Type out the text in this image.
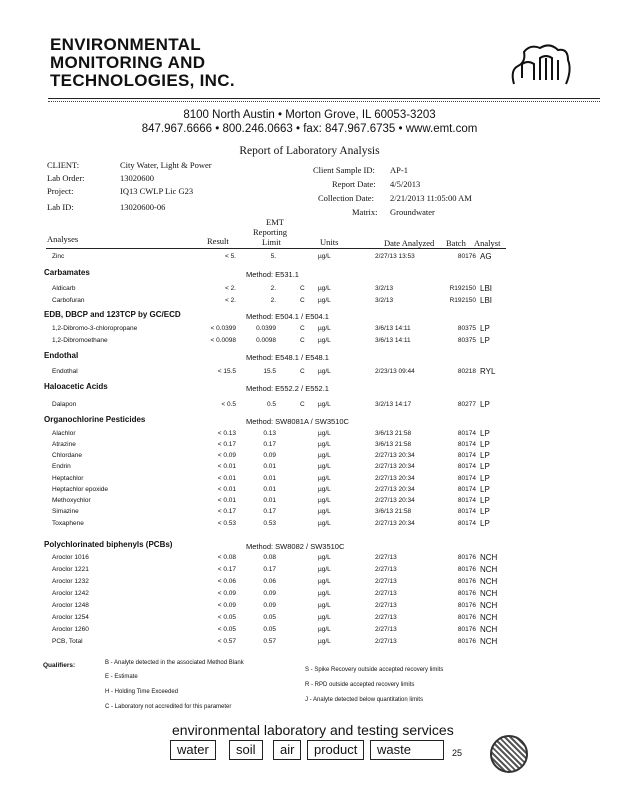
ENVIRONMENTAL
MONITORING AND
TECHNOLOGIES, INC.
8100 North Austin • Morton Grove, IL 60053-3203
847.967.6666 • 800.246.0663 • fax: 847.967.6735 • www.emt.com
Report of Laboratory Analysis
CLIENT:	City Water, Light & Power
Lab Order:	13020600
Project:	IQ13 CWLP Lic G23
Lab ID:	13020600-06
Client Sample ID: AP-1
Report Date: 4/5/2013
Collection Date: 2/21/2013 11:05:00 AM
Matrix: Groundwater
Analyses	Result
EMT
Reporting
Limit	Units	Date Analyzed Batch Analyst
Zinc	< 5.	5.	µg/L	2/27/13 13:53	80176 AG
Carbamates	Method: E531.1
Aldicarb	< 2.	2.	C	µg/L	3/2/13	R192150 LBI
Carbofuran	< 2.	2.	C	µg/L	3/2/13	R192150 LBI
EDB, DBCP and 123TCP by GC/ECD	Method: E504.1 / E504.1
1,2-Dibromo-3-chloropropane	< 0.0399	0.0399	C	µg/L	3/6/13 14:11	80375 LP
1,2-Dibromoethane	< 0.0098	0.0098	C	µg/L	3/6/13 14:11	80375 LP
Endothal	Method: E548.1 / E548.1
Endothal	< 15.5	15.5	C	µg/L	2/23/13 09:44	80218 RYL
Haloacetic Acids	Method: E552.2 / E552.1
Dalapon	< 0.5	0.5	C	µg/L	3/2/13 14:17	80277 LP
Organochlorine Pesticides	Method: SW8081A / SW3510C
Alachlor	< 0.13	0.13	µg/L	3/6/13 21:58	80174 LP
Atrazine	< 0.17	0.17	µg/L	3/6/13 21:58	80174 LP
Chlordane	< 0.09	0.09	µg/L	2/27/13 20:34	80174 LP
Endrin	< 0.01	0.01	µg/L	2/27/13 20:34	80174 LP
Heptachlor	< 0.01	0.01	µg/L	2/27/13 20:34	80174 LP
Heptachlor epoxide	< 0.01	0.01	µg/L	2/27/13 20:34	80174 LP
Methoxychlor	< 0.01	0.01	µg/L	2/27/13 20:34	80174 LP
Simazine	< 0.17	0.17	µg/L	3/6/13 21:58	80174 LP
Toxaphene	< 0.53	0.53	µg/L	2/27/13 20:34	80174 LP
Polychlorinated biphenyls (PCBs)	Method: SW8082 / SW3510C
Aroclor 1016	< 0.08	0.08	µg/L	2/27/13	80176 NCH
Aroclor 1221	< 0.17	0.17	µg/L	2/27/13	80176 NCH
Aroclor 1232	< 0.06	0.06	µg/L	2/27/13	80176 NCH
Aroclor 1242	< 0.09	0.09	µg/L	2/27/13	80176 NCH
Aroclor 1248	< 0.09	0.09	µg/L	2/27/13	80176 NCH
Aroclor 1254	< 0.05	0.05	µg/L	2/27/13	80176 NCH
Aroclor 1260	< 0.05	0.05	µg/L	2/27/13	80176 NCH
PCB, Total	< 0.57	0.57	µg/L	2/27/13	80176 NCH
Qualifiers:	B - Analyte detected in the associated Method Blank
E - Estimate
H - Holding Time Exceeded
C - Laboratory not accredited for this parameter
S - Spike Recovery outside accepted recovery limits
R - RPD outside accepted recovery limits
J - Analyte detected below quantitation limits
environmental laboratory and testing services
water	soil	air	product	waste	25
